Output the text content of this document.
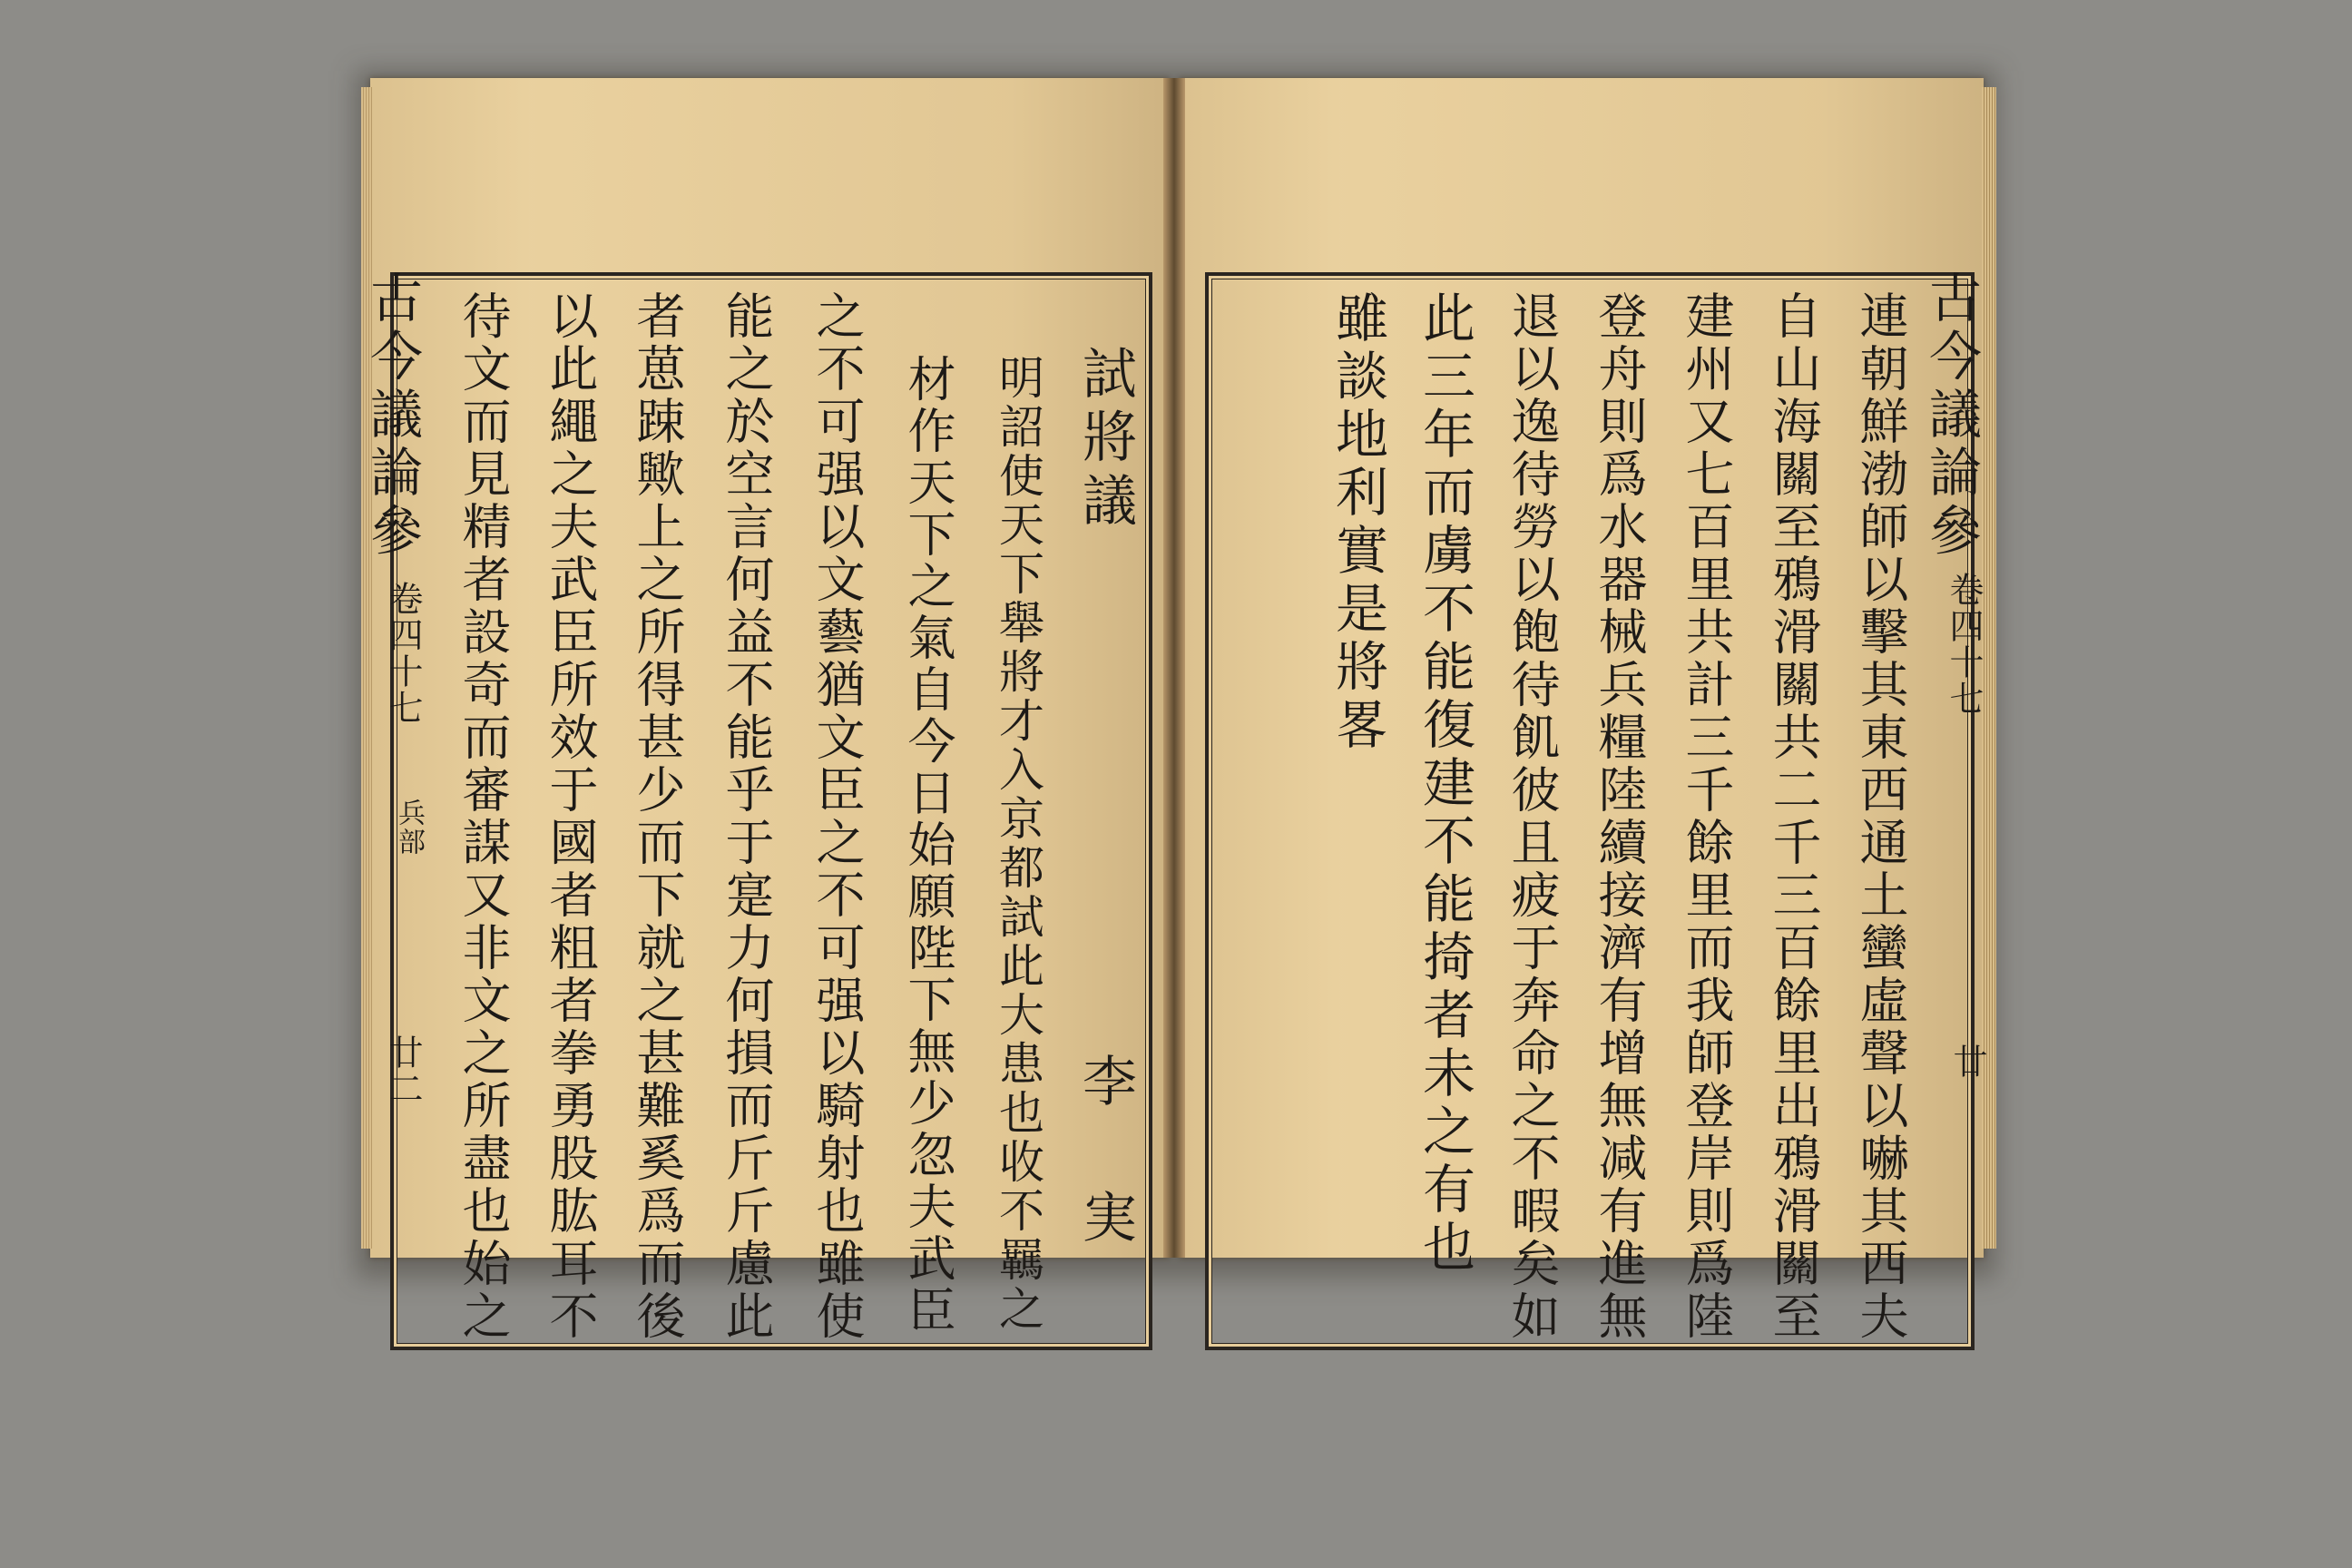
古今議論參
卷四十七
兵部
廿二
試將議
李 実
明詔使天下舉將才入京都試此大患也收不羈之
材作天下之氣自今日始願陛下無少忽夫武臣
之不可强以文藝猶文臣之不可强以騎射也雖使
能之於空言何益不能乎于寔力何損而斤斤慮此
者葸踈歟上之所得甚少而下就之甚難奚爲而後
以此繩之夫武臣所效于國者粗者拳勇股肱耳不
待文而見精者設奇而審謀又非文之所盡也始之	古今議論參
卷四十七
廿
連朝鮮渤師以擊其東西通土蠻虛聲以嚇其西夫
自山海關至鴉滑關共二千三百餘里出鴉滑關至
建州又七百里共計三千餘里而我師登岸則爲陸
登舟則爲水器械兵糧陸續接濟有增無减有進無
退以逸待勞以飽待飢彼且疲于奔命之不暇矣如
此三年而虜不能復建不能掎者未之有也
雖談地利實是將畧
